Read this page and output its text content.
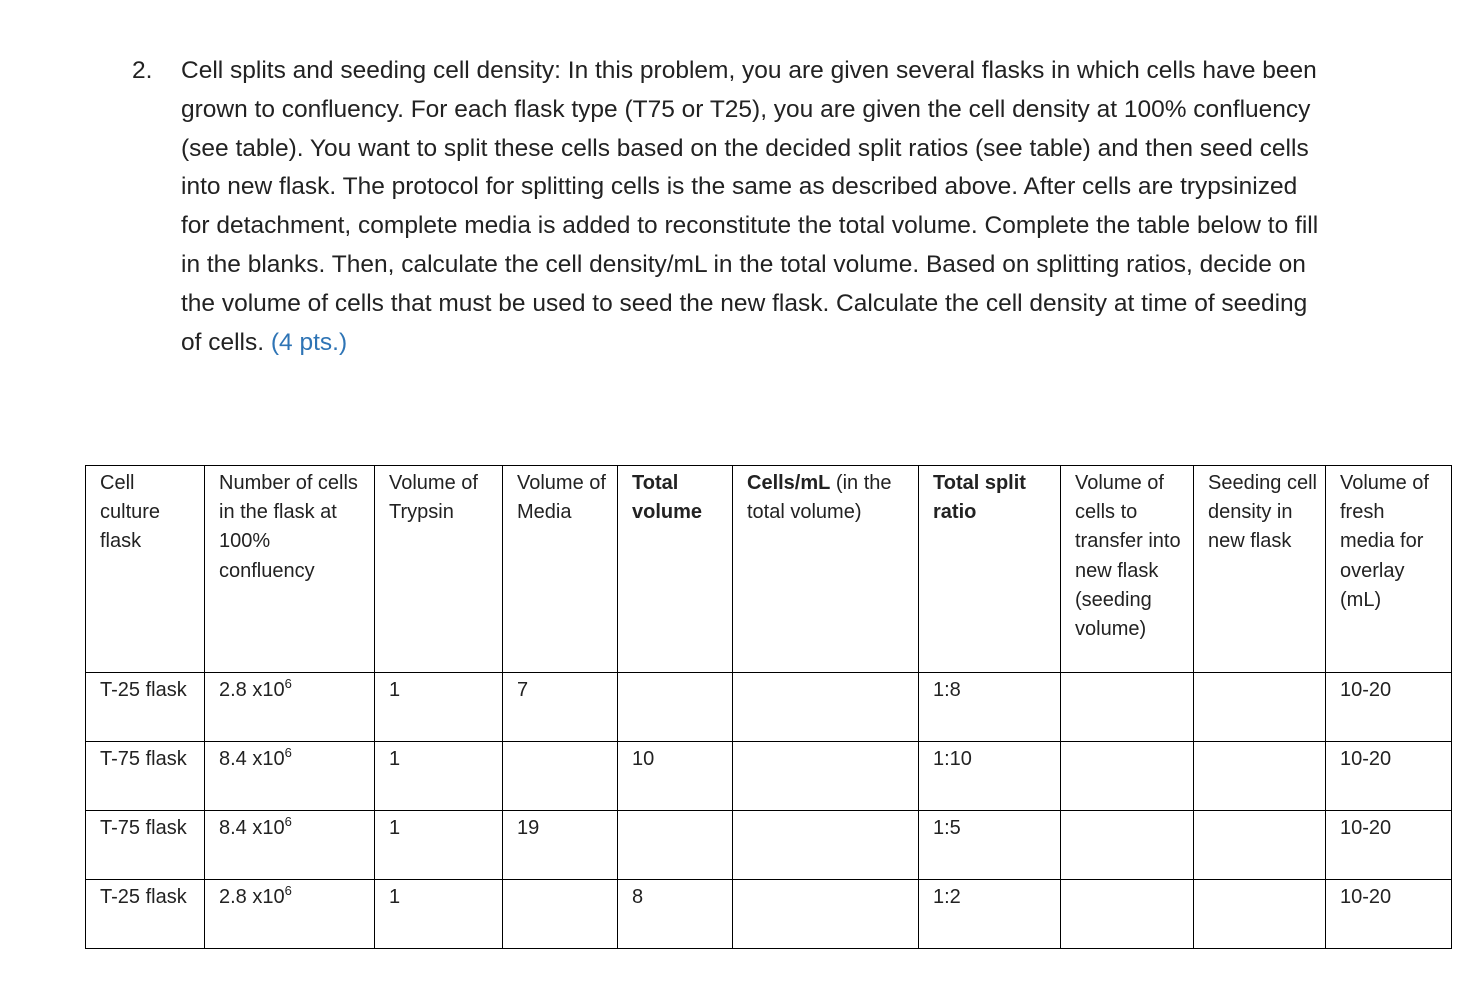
2. Cell splits and seeding cell density: In this problem, you are given several flasks in which cells have been grown to confluency. For each flask type (T75 or T25), you are given the cell density at 100% confluency (see table). You want to split these cells based on the decided split ratios (see table) and then seed cells into new flask. The protocol for splitting cells is the same as described above. After cells are trypsinized for detachment, complete media is added to reconstitute the total volume. Complete the table below to fill in the blanks. Then, calculate the cell density/mL in the total volume. Based on splitting ratios, decide on the volume of cells that must be used to seed the new flask. Calculate the cell density at time of seeding of cells. (4 pts.)
Cell culture flask	Number of cells in the flask at 100% confluency	Volume of Trypsin	Volume of Media	Total volume	Cells/mL (in the total volume)	Total split ratio	Volume of cells to transfer into new flask (seeding volume)	Seeding cell density in new flask	Volume of fresh media for overlay (mL)
T-25 flask	2.8 $x10^6$	1	7			1:8			10-20
T-75 flask	8.4 $x10^6$	1		10		1:10			10-20
T-75 flask	8.4 $x10^6$	1	19			1:5			10-20
T-25 flask	2.8 $x10^6$	1		8		1:2			10-20
